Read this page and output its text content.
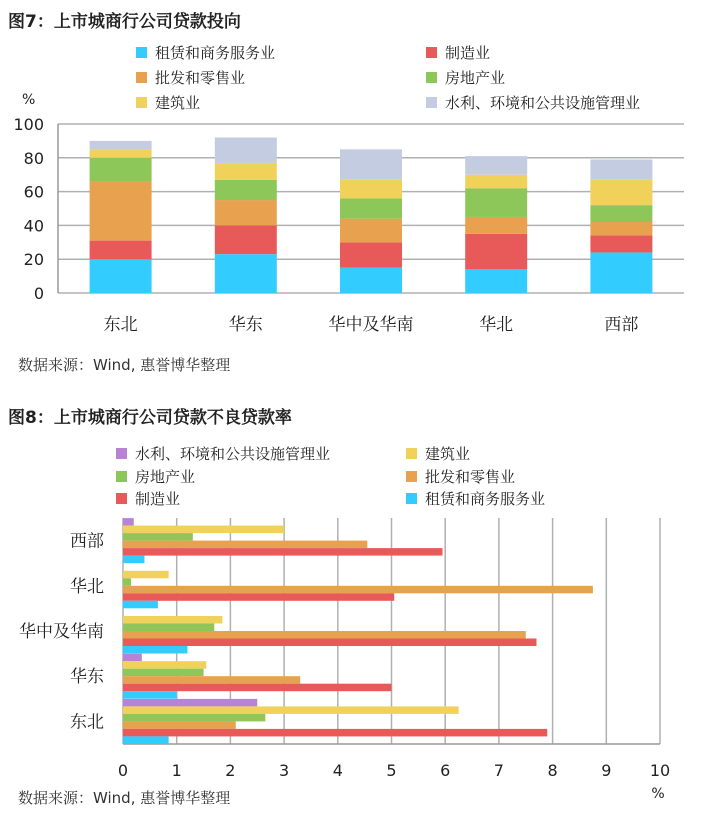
图7：上市城商行公司贷款投向
租赁和商务服务业	制造业
批发和零售业	房地产业
建筑业	水利、环境和公共设施管理业
%
0
20
40
60
80
100
东北	华东	华中及华南	华北	西部
数据来源：Wind, 惠誉博华整理
图8：上市城商行公司贷款不良贷款率
水利、环境和公共设施管理业	建筑业
房地产业	批发和零售业
制造业	租赁和商务服务业
0	1	2	3	4	5	6	7	8	9 10
%
西部
华北
华中及华南
华东
东北
数据来源：Wind, 惠誉博华整理
